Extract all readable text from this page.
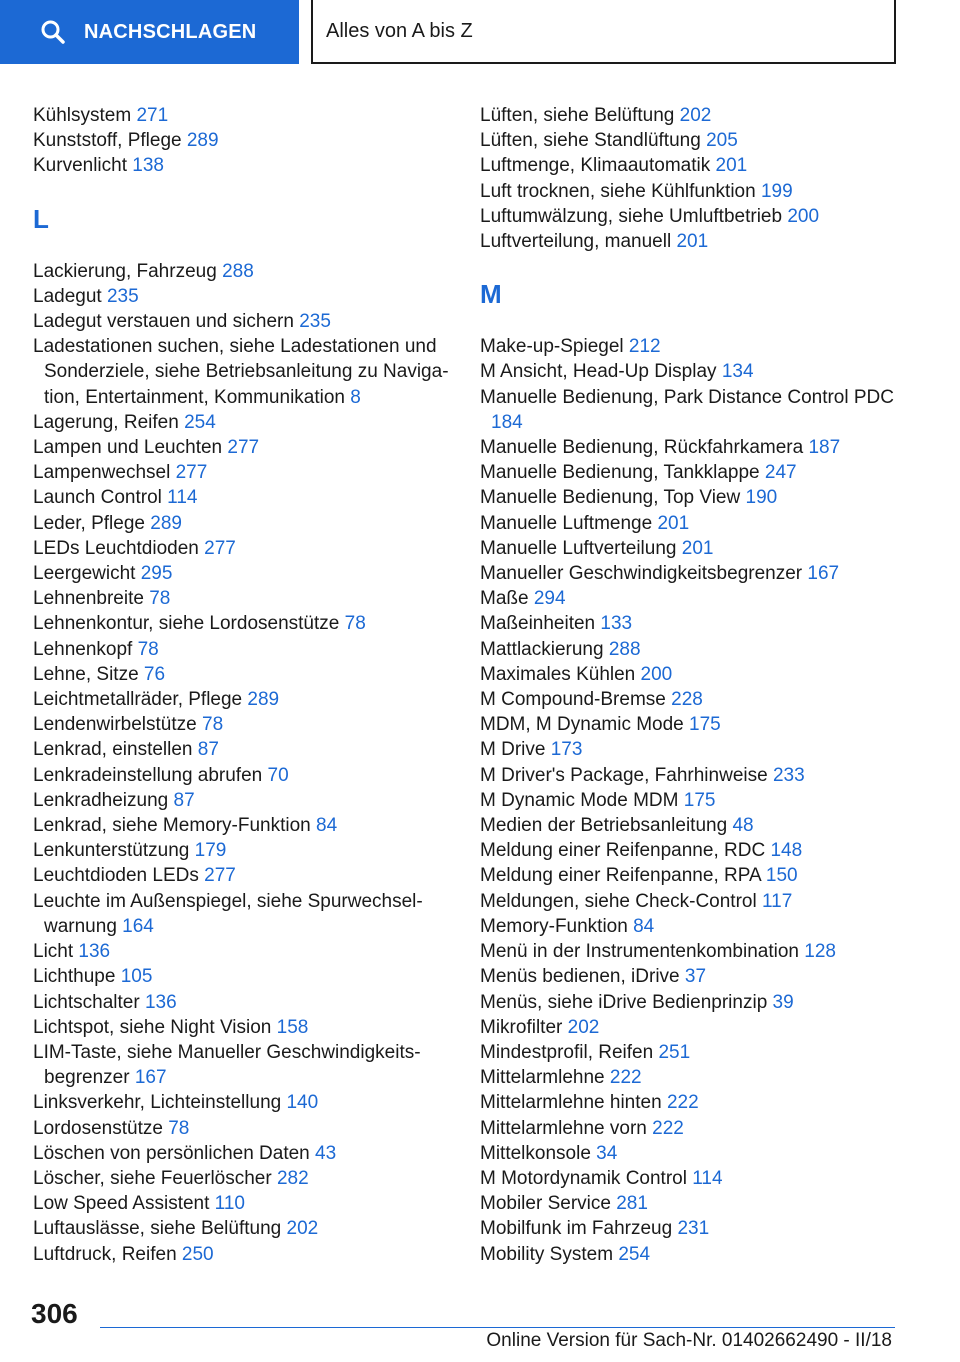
NACHSCHLAGEN	Alles von A bis Z
Kühlsystem 271
Kunststoff, Pflege 289
Kurvenlicht 138
L
Lackierung, Fahrzeug 288
Ladegut 235
Ladegut verstauen und sichern 235
Ladestationen suchen, siehe Ladestationen und Sonderziele, siehe Betriebsanleitung zu Navigation, Entertainment, Kommunikation 8
Lagerung, Reifen 254
Lampen und Leuchten 277
Lampenwechsel 277
Launch Control 114
Leder, Pflege 289
LEDs Leuchtdioden 277
Leergewicht 295
Lehnenbreite 78
Lehnenkontur, siehe Lordosenstütze 78
Lehnenkopf 78
Lehne, Sitze 76
Leichtmetallräder, Pflege 289
Lendenwirbelstütze 78
Lenkrad, einstellen 87
Lenkradeinstellung abrufen 70
Lenkradheizung 87
Lenkrad, siehe Memory-Funktion 84
Lenkunterstützung 179
Leuchtdioden LEDs 277
Leuchte im Außenspiegel, siehe Spurwechselwarnung 164
Licht 136
Lichthupe 105
Lichtschalter 136
Lichtspot, siehe Night Vision 158
LIM-Taste, siehe Manueller Geschwindigkeitsbegrenzer 167
Linksverkehr, Lichteinstellung 140
Lordosenstütze 78
Löschen von persönlichen Daten 43
Löscher, siehe Feuerlöscher 282
Low Speed Assistent 110
Luftauslässe, siehe Belüftung 202
Luftdruck, Reifen 250
Lüften, siehe Belüftung 202
Lüften, siehe Standlüftung 205
Luftmenge, Klimaautomatik 201
Luft trocknen, siehe Kühlfunktion 199
Luftumwälzung, siehe Umluftbetrieb 200
Luftverteilung, manuell 201
M
Make-up-Spiegel 212
M Ansicht, Head-Up Display 134
Manuelle Bedienung, Park Distance Control PDC 184
Manuelle Bedienung, Rückfahrkamera 187
Manuelle Bedienung, Tankklappe 247
Manuelle Bedienung, Top View 190
Manuelle Luftmenge 201
Manuelle Luftverteilung 201
Manueller Geschwindigkeitsbegrenzer 167
Maße 294
Maßeinheiten 133
Mattlackierung 288
Maximales Kühlen 200
M Compound-Bremse 228
MDM, M Dynamic Mode 175
M Drive 173
M Driver's Package, Fahrhinweise 233
M Dynamic Mode MDM 175
Medien der Betriebsanleitung 48
Meldung einer Reifenpanne, RDC 148
Meldung einer Reifenpanne, RPA 150
Meldungen, siehe Check-Control 117
Memory-Funktion 84
Menü in der Instrumentenkombination 128
Menüs bedienen, iDrive 37
Menüs, siehe iDrive Bedienprinzip 39
Mikrofilter 202
Mindestprofil, Reifen 251
Mittelarmlehne 222
Mittelarmlehne hinten 222
Mittelarmlehne vorn 222
Mittelkonsole 34
M Motordynamik Control 114
Mobiler Service 281
Mobilfunk im Fahrzeug 231
Mobility System 254
306
Online Version für Sach-Nr. 01402662490 - II/18
